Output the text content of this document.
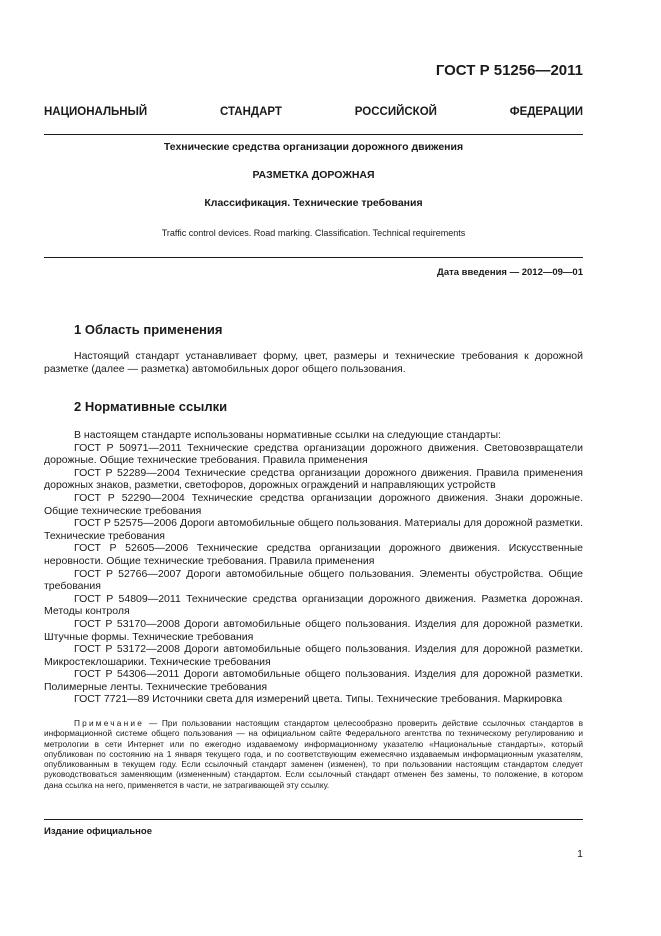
ГОСТ Р 51256—2011
НАЦИОНАЛЬНЫЙ СТАНДАРТ РОССИЙСКОЙ ФЕДЕРАЦИИ
Технические средства организации дорожного движения
РАЗМЕТКА ДОРОЖНАЯ
Классификация. Технические требования
Traffic control devices. Road marking. Classification. Technical requirements
Дата введения — 2012—09—01
1 Область применения
Настоящий стандарт устанавливает форму, цвет, размеры и технические требования к дорожной разметке (далее — разметка) автомобильных дорог общего пользования.
2 Нормативные ссылки

В настоящем стандарте использованы нормативные ссылки на следующие стандарты:

ГОСТ Р 50971—2011 Технические средства организации дорожного движения. Световозвращатели дорожные. Общие технические требования. Правила применения

ГОСТ Р 52289—2004 Технические средства организации дорожного движения. Правила применения дорожных знаков, разметки, светофоров, дорожных ограждений и направляющих устройств

ГОСТ Р 52290—2004 Технические средства организации дорожного движения. Знаки дорожные. Общие технические требования

ГОСТ Р 52575—2006 Дороги автомобильные общего пользования. Материалы для дорожной разметки. Технические требования

ГОСТ Р 52605—2006 Технические средства организации дорожного движения. Искусственные неровности. Общие технические требования. Правила применения

ГОСТ Р 52766—2007 Дороги автомобильные общего пользования. Элементы обустройства. Общие требования

ГОСТ Р 54809—2011 Технические средства организации дорожного движения. Разметка дорожная. Методы контроля

ГОСТ Р 53170—2008 Дороги автомобильные общего пользования. Изделия для дорожной разметки. Штучные формы. Технические требования

ГОСТ Р 53172—2008 Дороги автомобильные общего пользования. Изделия для дорожной разметки. Микростеклошарики. Технические требования

ГОСТ Р 54306—2011 Дороги автомобильные общего пользования. Изделия для дорожной разметки. Полимерные ленты. Технические требования

ГОСТ 7721—89 Источники света для измерений цвета. Типы. Технические требования. Маркировка

Примечание — При пользовании настоящим стандартом целесообразно проверить действие ссылочных стандартов в информационной системе общего пользования — на официальном сайте Федерального агентства по техническому регулированию и метрологии в сети Интернет или по ежегодно издаваемому информационному указателю «Национальные стандарты», который опубликован по состоянию на 1 января текущего года, и по соответствующим ежемесячно издаваемым информационным указателям, опубликованным в текущем году. Если ссылочный стандарт заменен (изменен), то при пользовании настоящим стандартом следует руководствоваться заменяющим (измененным) стандартом. Если ссылочный стандарт отменен без замены, то положение, в котором дана ссылка на него, применяется в части, не затрагивающей эту ссылку.
Издание официальное
1
